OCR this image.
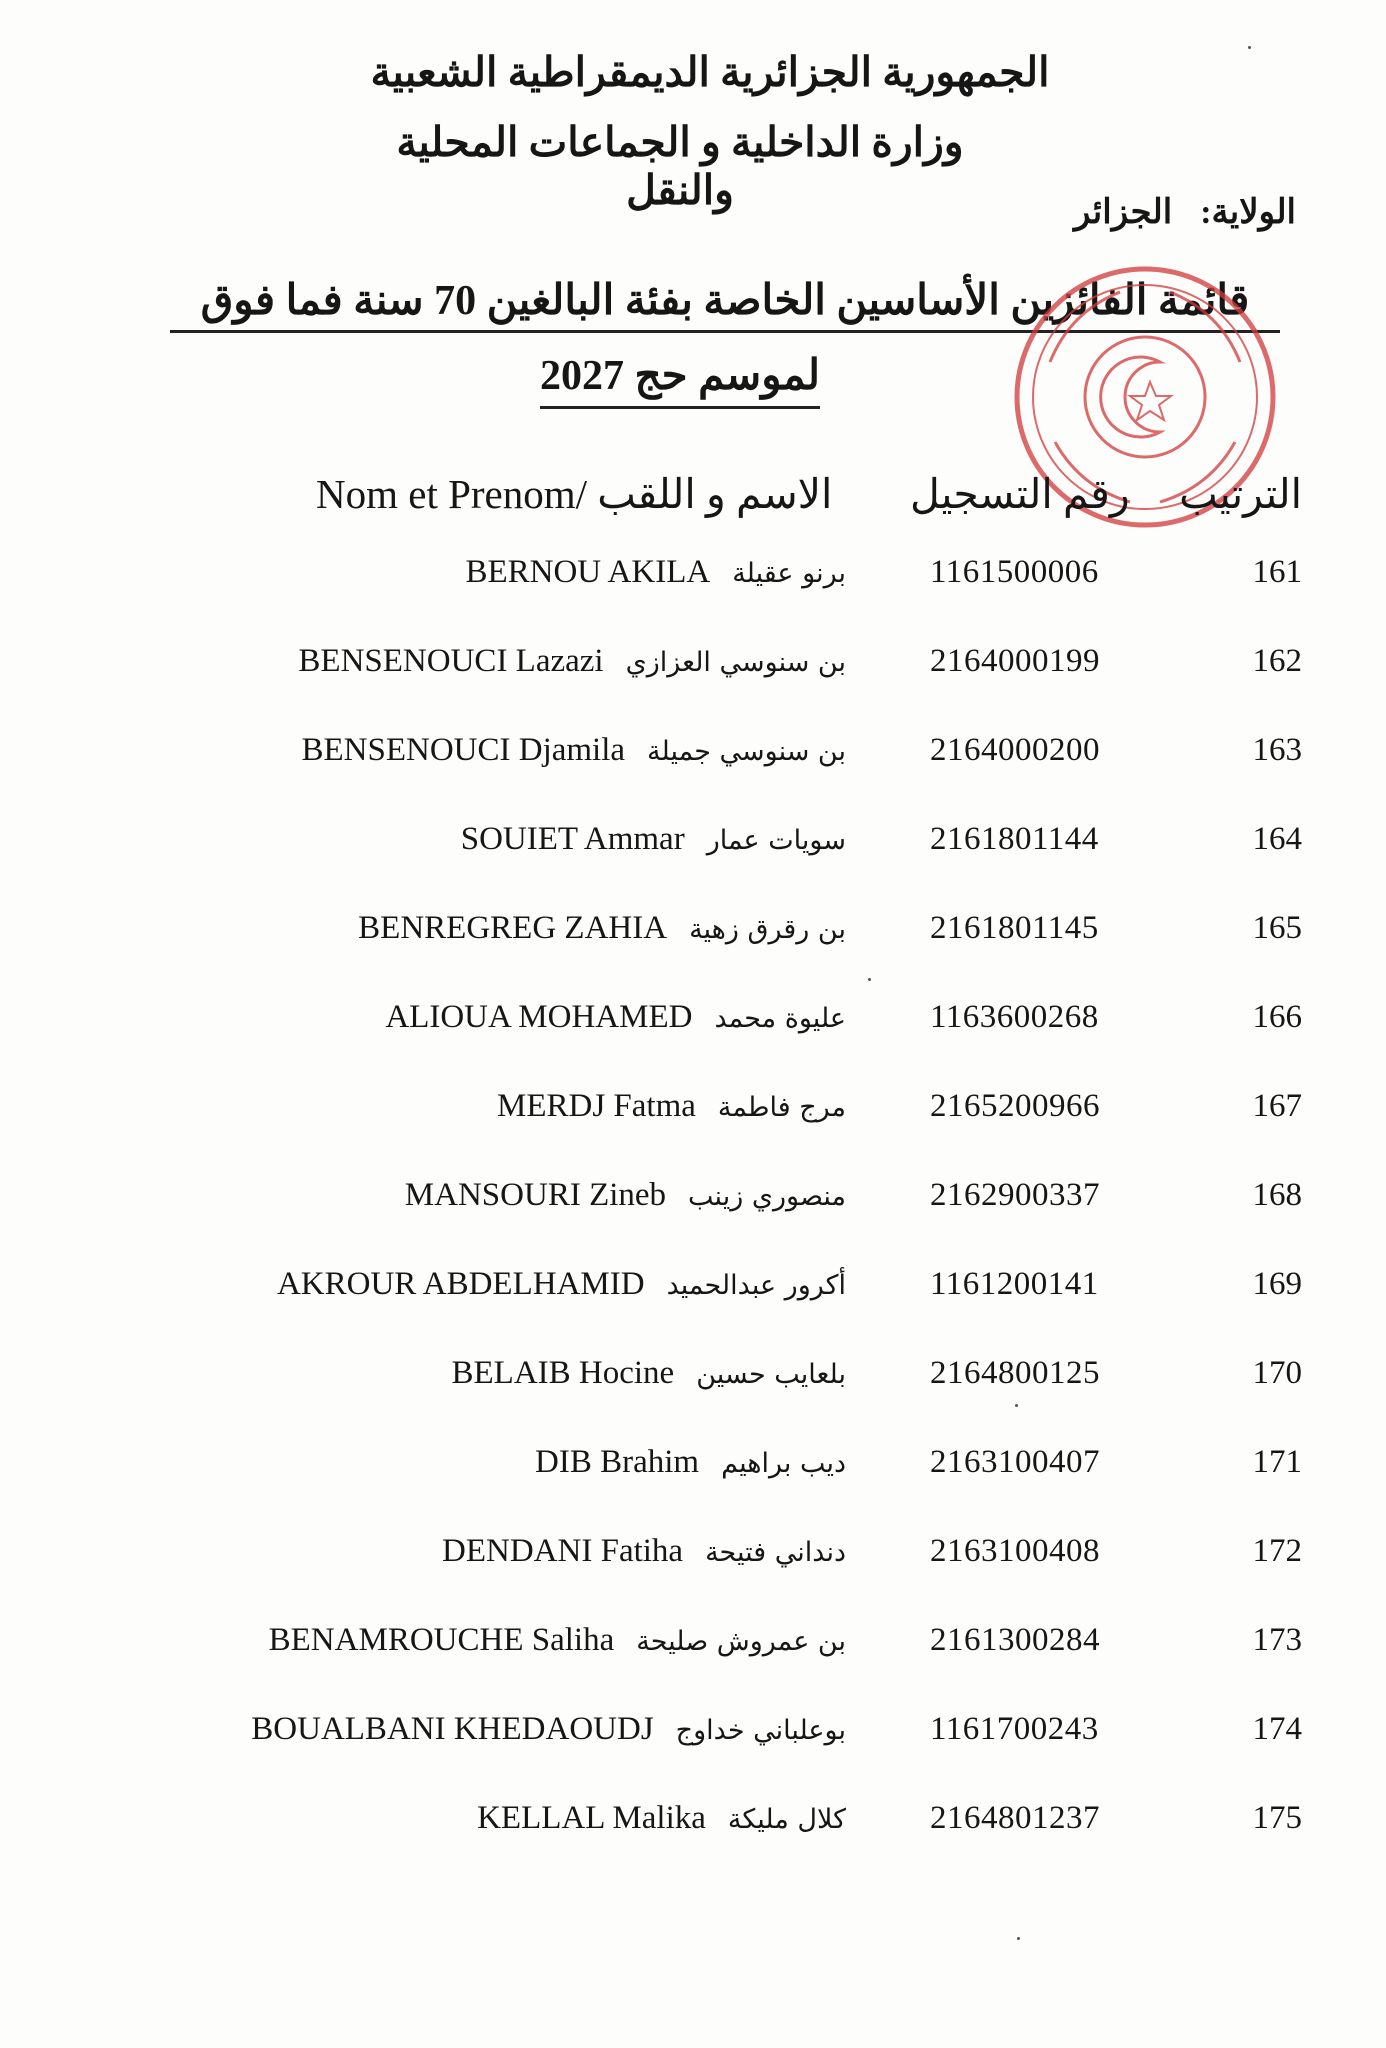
الجمهورية الجزائرية الديمقراطية الشعبية
وزارة الداخلية و الجماعات المحلية والنقل	الولاية:الجزائر
قائمة الفائزين الأساسين الخاصة بفئة البالغين 70 سنة فما فوق
لموسم حج 2027
الترتيب
رقم التسجيل
Nom et Prenom/ الاسم و اللقب
161
1161500006
BERNOU AKILA برنو عقيلة
162
2164000199
BENSENOUCI Lazazi بن سنوسي العزازي
163
2164000200
BENSENOUCI Djamila بن سنوسي جميلة
164
2161801144
SOUIET Ammar سويات عمار
165
2161801145
BENREGREG ZAHIA بن رقرق زهية
166
1163600268
ALIOUA MOHAMED عليوة محمد
167
2165200966
MERDJ Fatma مرج فاطمة
168
2162900337
MANSOURI Zineb منصوري زينب
169
1161200141
AKROUR ABDELHAMID أكرور عبدالحميد
170
2164800125
BELAIB Hocine بلعايب حسين
171
2163100407
DIB Brahim ديب براهيم
172
2163100408
DENDANI Fatiha دنداني فتيحة
173
2161300284
BENAMROUCHE Saliha بن عمروش صليحة
174
1161700243
BOUALBANI KHEDAOUDJ بوعلباني خداوج
175
2164801237
KELLAL Malika كلال مليكة
